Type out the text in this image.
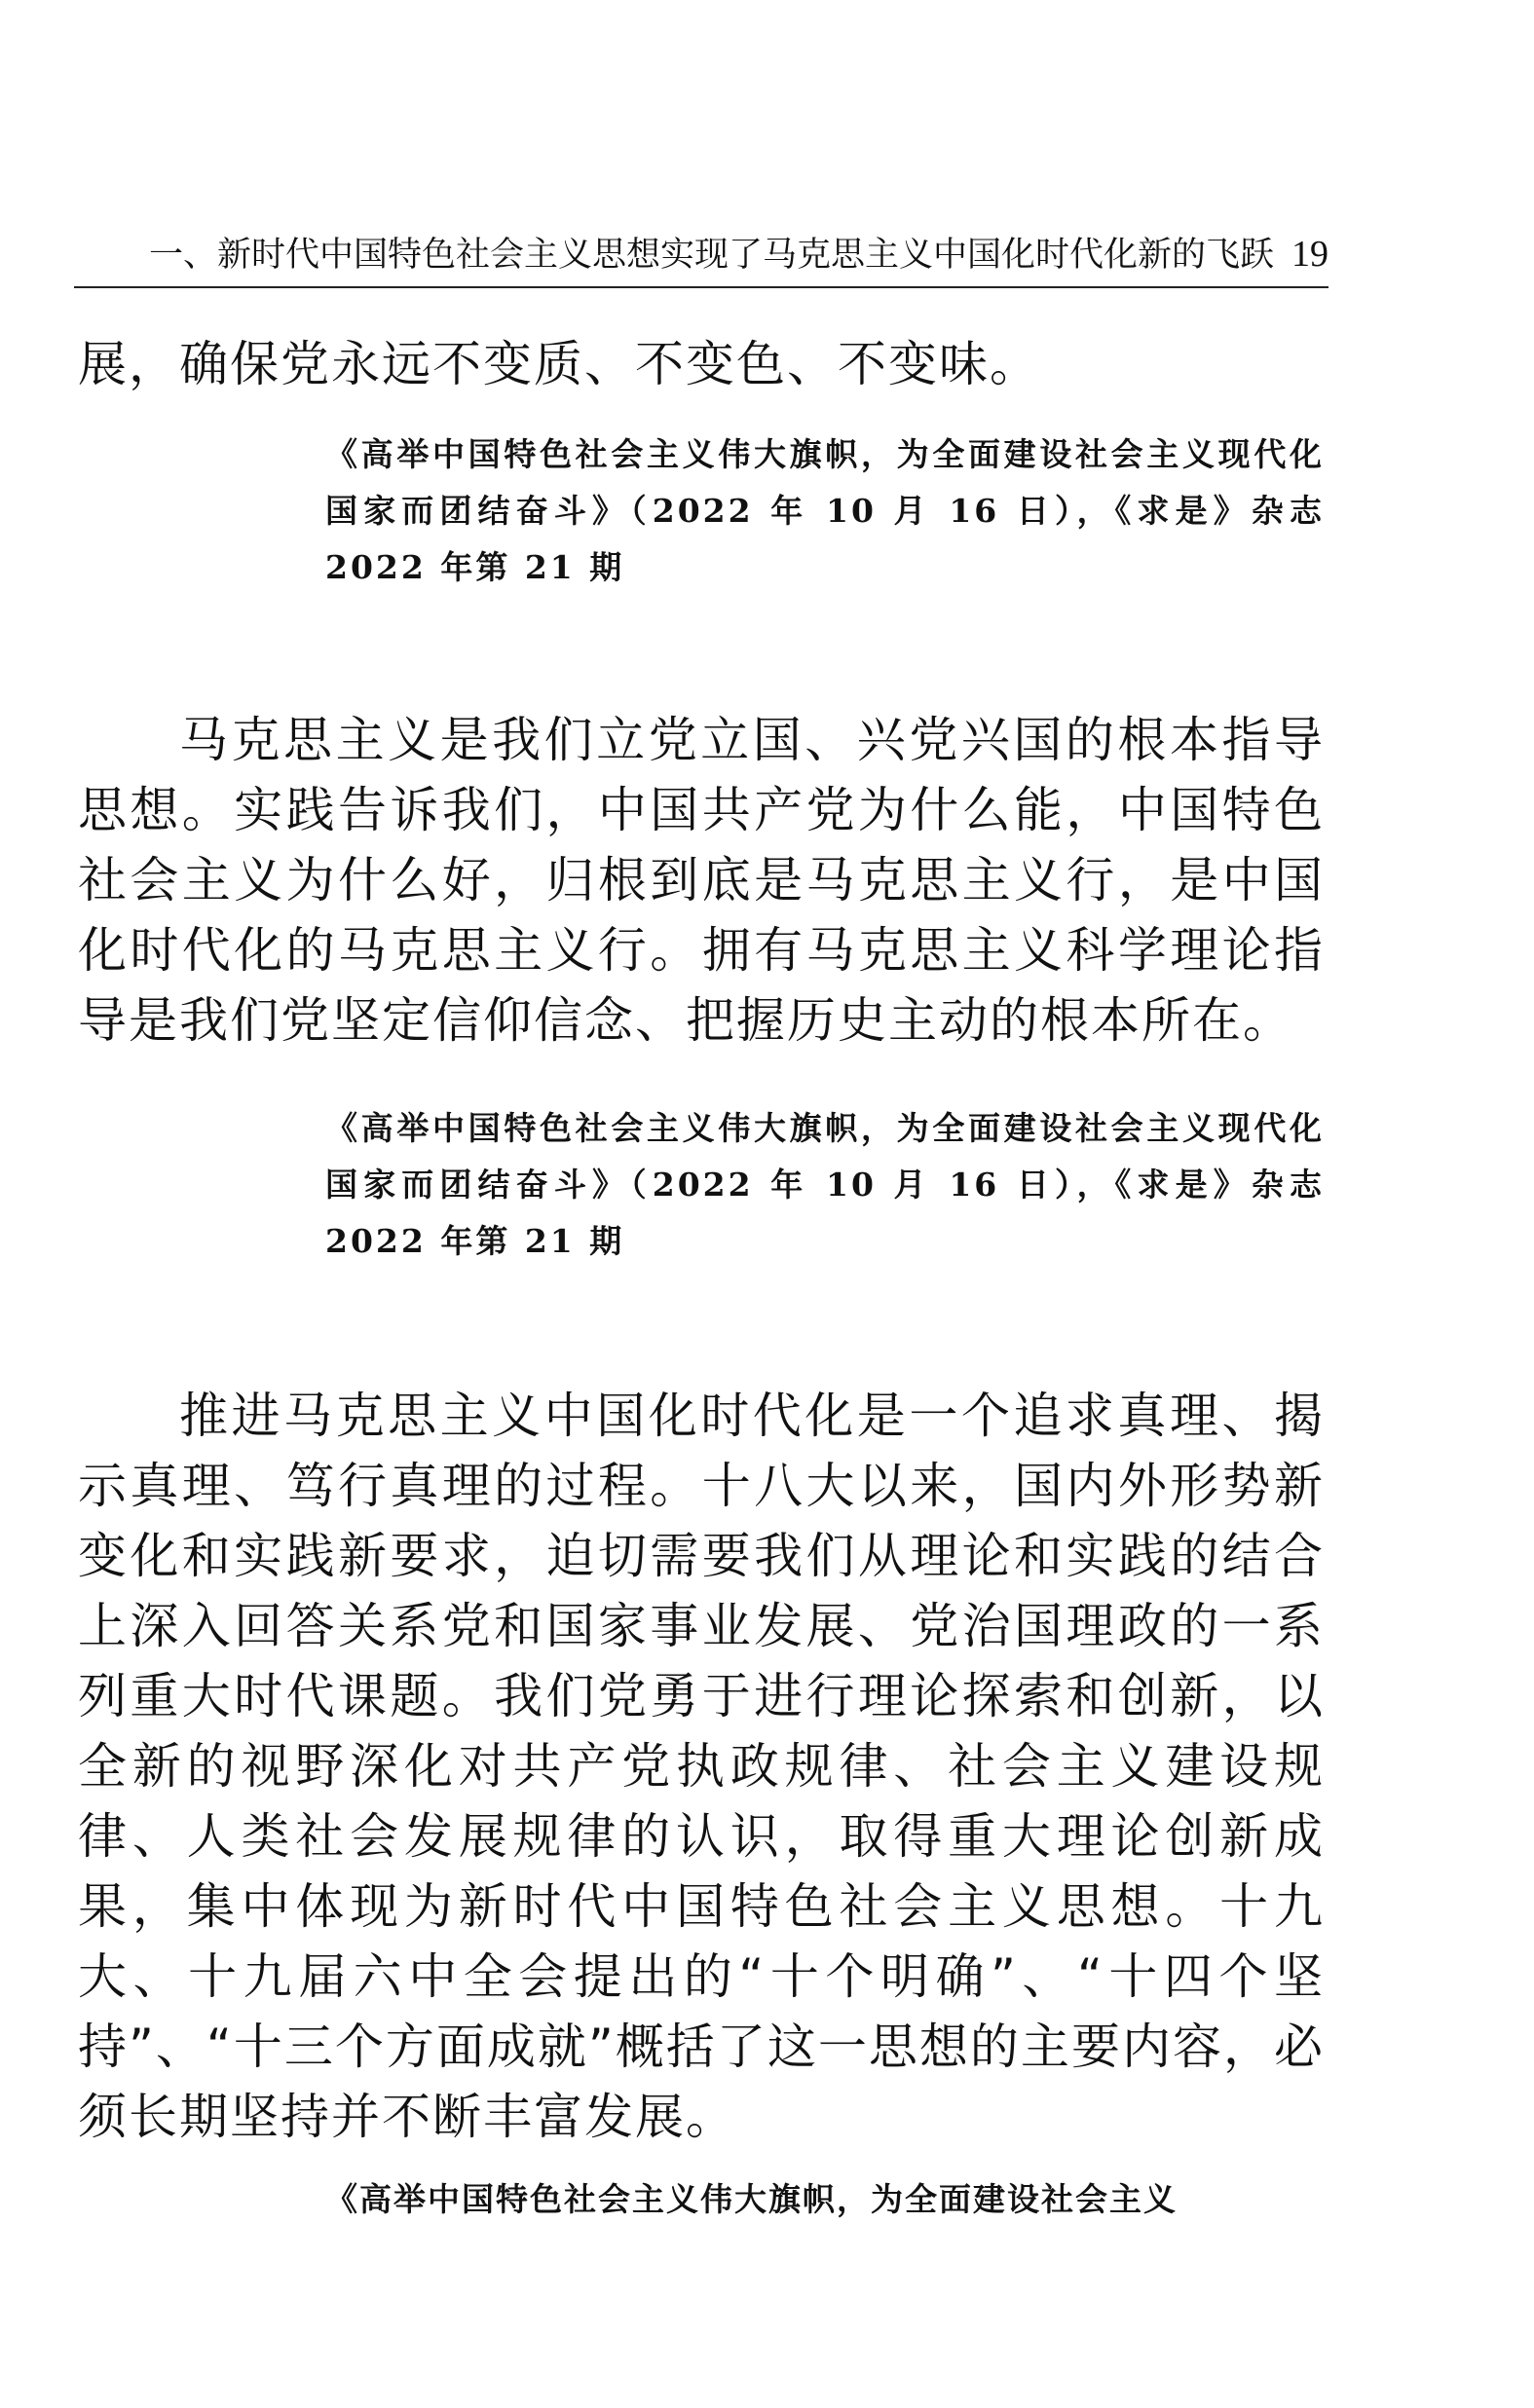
一、新时代中国特色社会主义思想实现了马克思主义中国化时代化新的飞跃 19
展，确保党永远不变质、不变色、不变味。
《高举中国特色社会主义伟大旗帜，为全面建设社会主义现代化国家而团结奋斗》（2022 年 10 月 16 日），《求是》杂志 2022 年第 21 期
马克思主义是我们立党立国、兴党兴国的根本指导思想。实践告诉我们，中国共产党为什么能，中国特色社会主义为什么好，归根到底是马克思主义行，是中国化时代化的马克思主义行。拥有马克思主义科学理论指导是我们党坚定信仰信念、把握历史主动的根本所在。
《高举中国特色社会主义伟大旗帜，为全面建设社会主义现代化国家而团结奋斗》（2022 年 10 月 16 日），《求是》杂志 2022 年第 21 期
推进马克思主义中国化时代化是一个追求真理、揭示真理、笃行真理的过程。十八大以来，国内外形势新变化和实践新要求，迫切需要我们从理论和实践的结合上深入回答关系党和国家事业发展、党治国理政的一系列重大时代课题。我们党勇于进行理论探索和创新，以全新的视野深化对共产党执政规律、社会主义建设规律、人类社会发展规律的认识，取得重大理论创新成果，集中体现为新时代中国特色社会主义思想。十九大、十九届六中全会提出的“十个明确”、“十四个坚持”、“十三个方面成就”概括了这一思想的主要内容，必须长期坚持并不断丰富发展。
《高举中国特色社会主义伟大旗帜，为全面建设社会主义
